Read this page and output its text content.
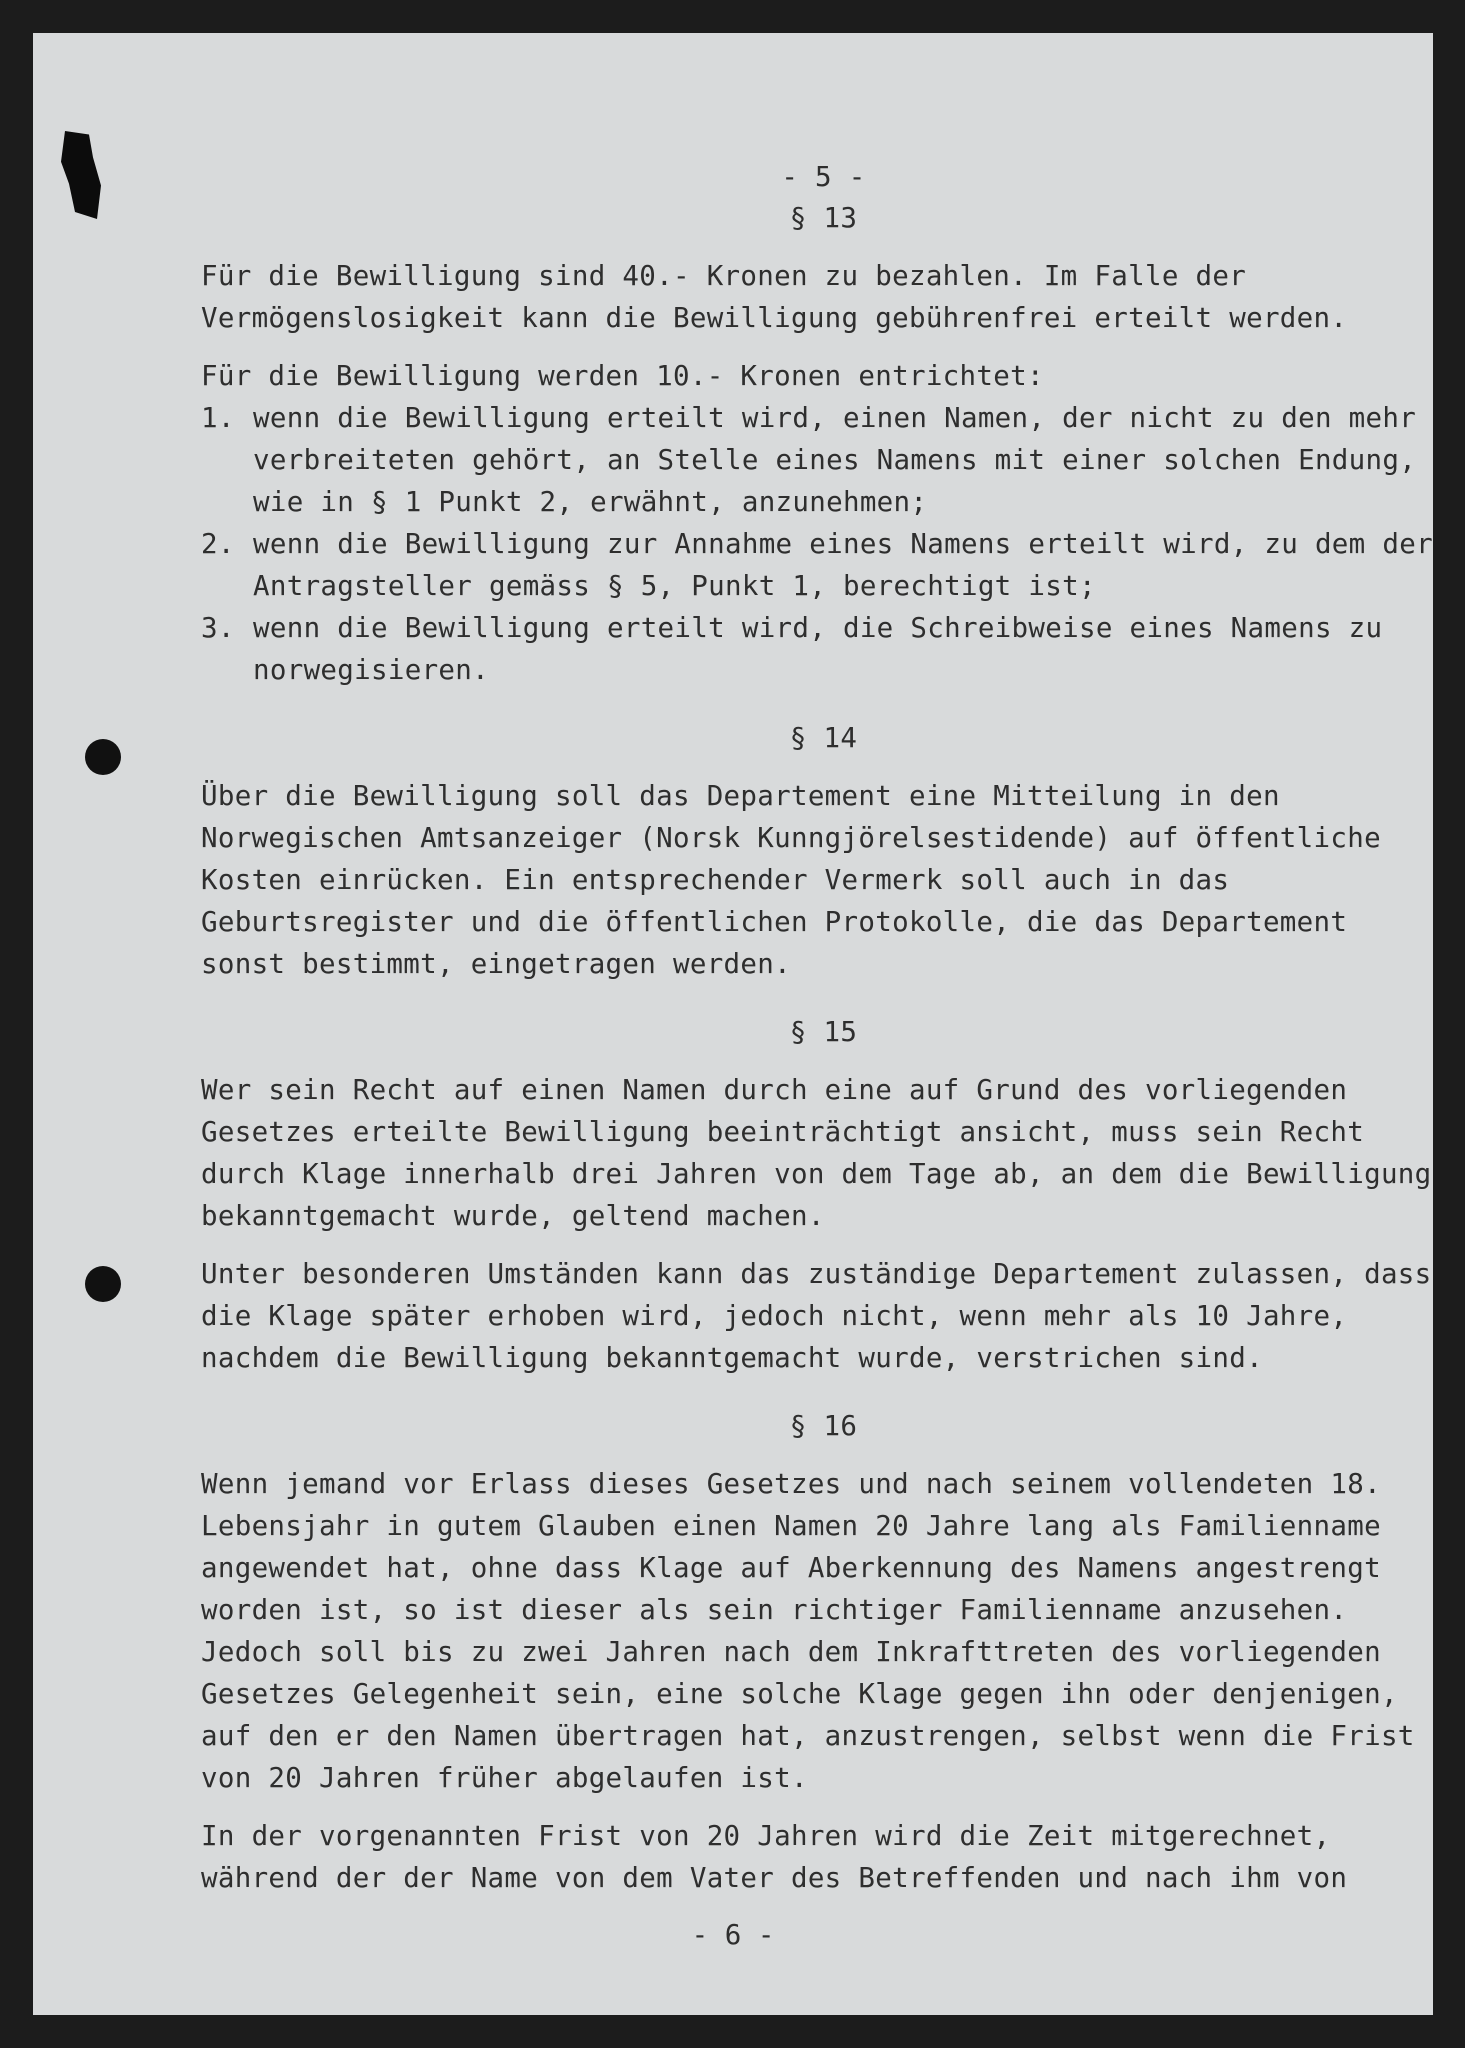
- 5 -
§ 13

Für die Bewilligung sind 40.- Kronen zu bezahlen. Im Falle der Vermögenslosigkeit kann die Bewilligung gebührenfrei erteilt werden.

Für die Bewilligung werden 10.- Kronen entrichtet:

1. wenn die Bewilligung erteilt wird, einen Namen, der nicht zu den mehr verbreiteten gehört, an Stelle eines Namens mit einer solchen Endung, wie in § 1 Punkt 2, erwähnt, anzunehmen;
2. wenn die Bewilligung zur Annahme eines Namens erteilt wird, zu dem der Antragsteller gemäss § 5, Punkt 1, berechtigt ist;
3. wenn die Bewilligung erteilt wird, die Schreibweise eines Namens zu norwegisieren.
§ 14

Über die Bewilligung soll das Departement eine Mitteilung in den Norwegischen Amtsanzeiger (Norsk Kunngjörelsestidende) auf öffentliche Kosten einrücken. Ein entsprechender Vermerk soll auch in das Geburtsregister und die öffentlichen Protokolle, die das Departement sonst bestimmt, eingetragen werden.

§ 15

Wer sein Recht auf einen Namen durch eine auf Grund des vorliegenden Gesetzes erteilte Bewilligung beeinträchtigt ansicht, muss sein Recht durch Klage innerhalb drei Jahren von dem Tage ab, an dem die Bewilligung bekanntgemacht wurde, geltend machen.

Unter besonderen Umständen kann das zuständige Departement zulassen, dass die Klage später erhoben wird, jedoch nicht, wenn mehr als 10 Jahre, nachdem die Bewilligung bekanntgemacht wurde, verstrichen sind.

§ 16

Wenn jemand vor Erlass dieses Gesetzes und nach seinem vollendeten 18. Lebensjahr in gutem Glauben einen Namen 20 Jahre lang als Familienname angewendet hat, ohne dass Klage auf Aberkennung des Namens angestrengt worden ist, so ist dieser als sein richtiger Familienname anzusehen. Jedoch soll bis zu zwei Jahren nach dem Inkrafttreten des vorliegenden Gesetzes Gelegenheit sein, eine solche Klage gegen ihn oder denjenigen, auf den er den Namen übertragen hat, anzustrengen, selbst wenn die Frist von 20 Jahren früher abgelaufen ist.

In der vorgenannten Frist von 20 Jahren wird die Zeit mitgerechnet, während der der Name von dem Vater des Betreffenden und nach ihm von

- 6 -
